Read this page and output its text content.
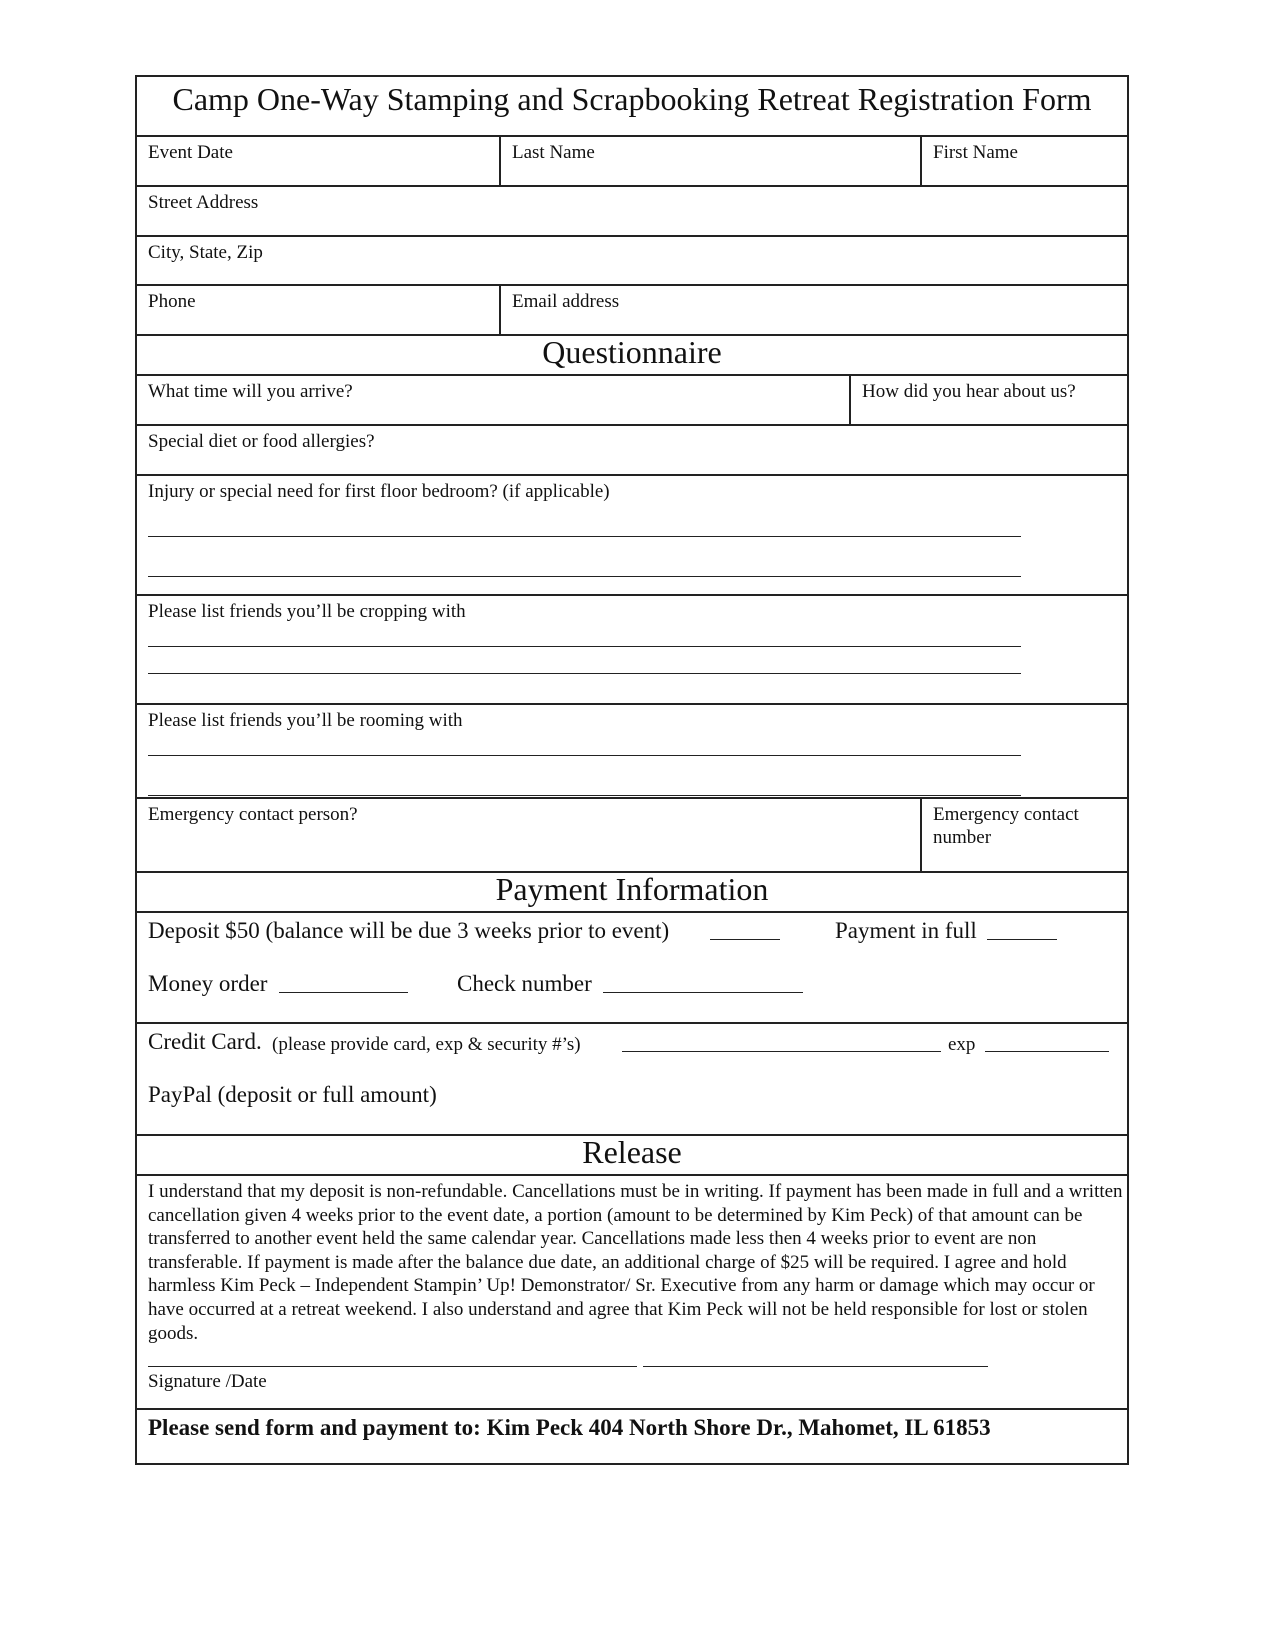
Camp One-Way Stamping and Scrapbooking Retreat Registration Form
Event Date	Last Name	First Name
Street Address
City, State, Zip
Phone	Email address
Questionnaire
What time will you arrive?	How did you hear about us?
Special diet or food allergies?
Injury or special need for first floor bedroom? (if applicable)
Please list friends you’ll be cropping with
Please list friends you’ll be rooming with
Emergency contact person?	Emergency contact number
Payment Information
Deposit $50 (balance will be due 3 weeks prior to event)	Payment in full
Money order	Check number
Credit Card. (please provide card, exp & security #’s)	exp
PayPal (deposit or full amount)
Release
I understand that my deposit is non-refundable. Cancellations must be in writing. If payment has been made in full and a written cancellation given 4 weeks prior to the event date, a portion (amount to be determined by Kim Peck) of that amount can be transferred to another event held the same calendar year. Cancellations made less then 4 weeks prior to event are non transferable. If payment is made after the balance due date, an additional charge of $25 will be required. I agree and hold harmless Kim Peck – Independent Stampin’ Up! Demonstrator/ Sr. Executive from any harm or damage which may occur or have occurred at a retreat weekend. I also understand and agree that Kim Peck will not be held responsible for lost or stolen goods.
Signature /Date
Please send form and payment to: Kim Peck 404 North Shore Dr., Mahomet, IL 61853
